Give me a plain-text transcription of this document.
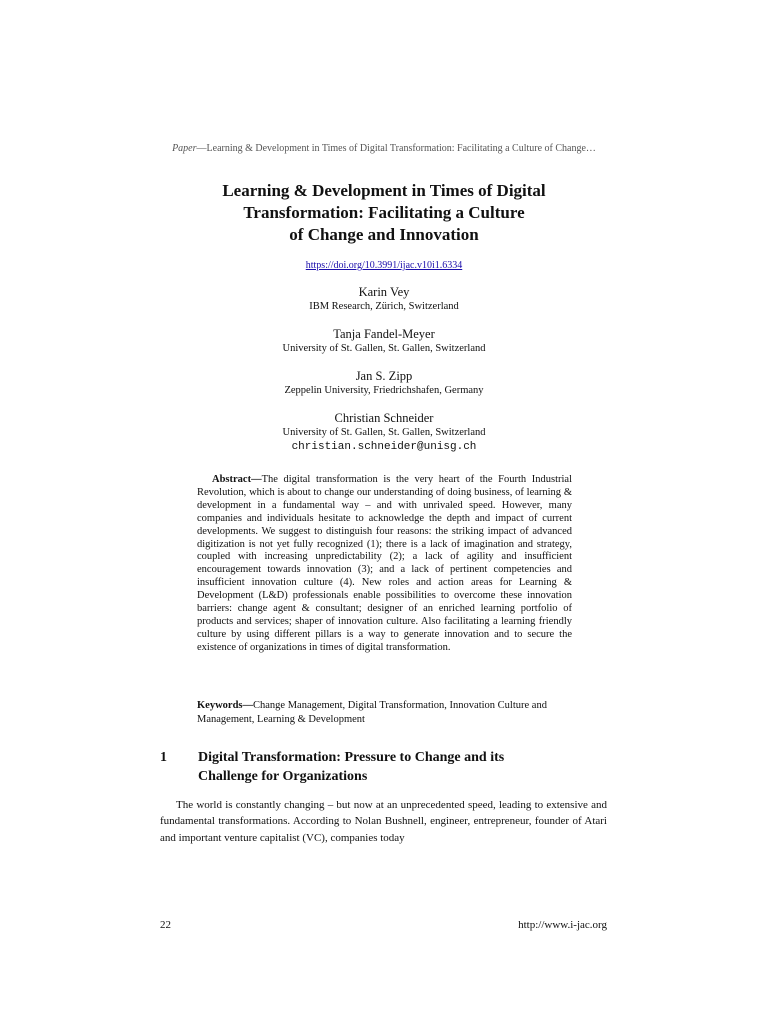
Paper—Learning & Development in Times of Digital Transformation: Facilitating a Culture of Change…
Learning & Development in Times of Digital
Transformation: Facilitating a Culture
of Change and Innovation
https://doi.org/10.3991/ijac.v10i1.6334
Karin Vey
IBM Research, Zürich, Switzerland
Tanja Fandel-Meyer
University of St. Gallen, St. Gallen, Switzerland
Jan S. Zipp
Zeppelin University, Friedrichshafen, Germany
Christian Schneider
University of St. Gallen, St. Gallen, Switzerland
christian.schneider@unisg.ch

Abstract—The digital transformation is the very heart of the Fourth Industrial Revolution, which is about to change our understanding of doing business, of learning & development in a fundamental way – and with unrivaled speed. However, many companies and individuals hesitate to acknowledge the depth and impact of current developments. We suggest to distinguish four reasons: the striking impact of advanced digitization is not yet fully recognized (1); there is a lack of imagination and strategy, coupled with increasing unpredictability (2); a lack of agility and insufficient encouragement towards innovation (3); and a lack of pertinent competencies and insufficient innovation culture (4). New roles and action areas for Learning & Development (L&D) professionals enable possibilities to overcome these innovation barriers: change agent & consultant; designer of an enriched learning portfolio of products and services; shaper of innovation culture. Also facilitating a learning friendly culture by using different pillars is a way to generate innovation and to secure the existence of organizations in times of digital transformation.

Keywords—Change Management, Digital Transformation, Innovation Culture and Management, Learning & Development

1 Digital Transformation: Pressure to Change and its
Challenge for Organizations

The world is constantly changing – but now at an unprecedented speed, leading to extensive and fundamental transformations. According to Nolan Bushnell, engineer, entrepreneur, founder of Atari and important venture capitalist (VC), companies today

22	http://www.i-jac.org
